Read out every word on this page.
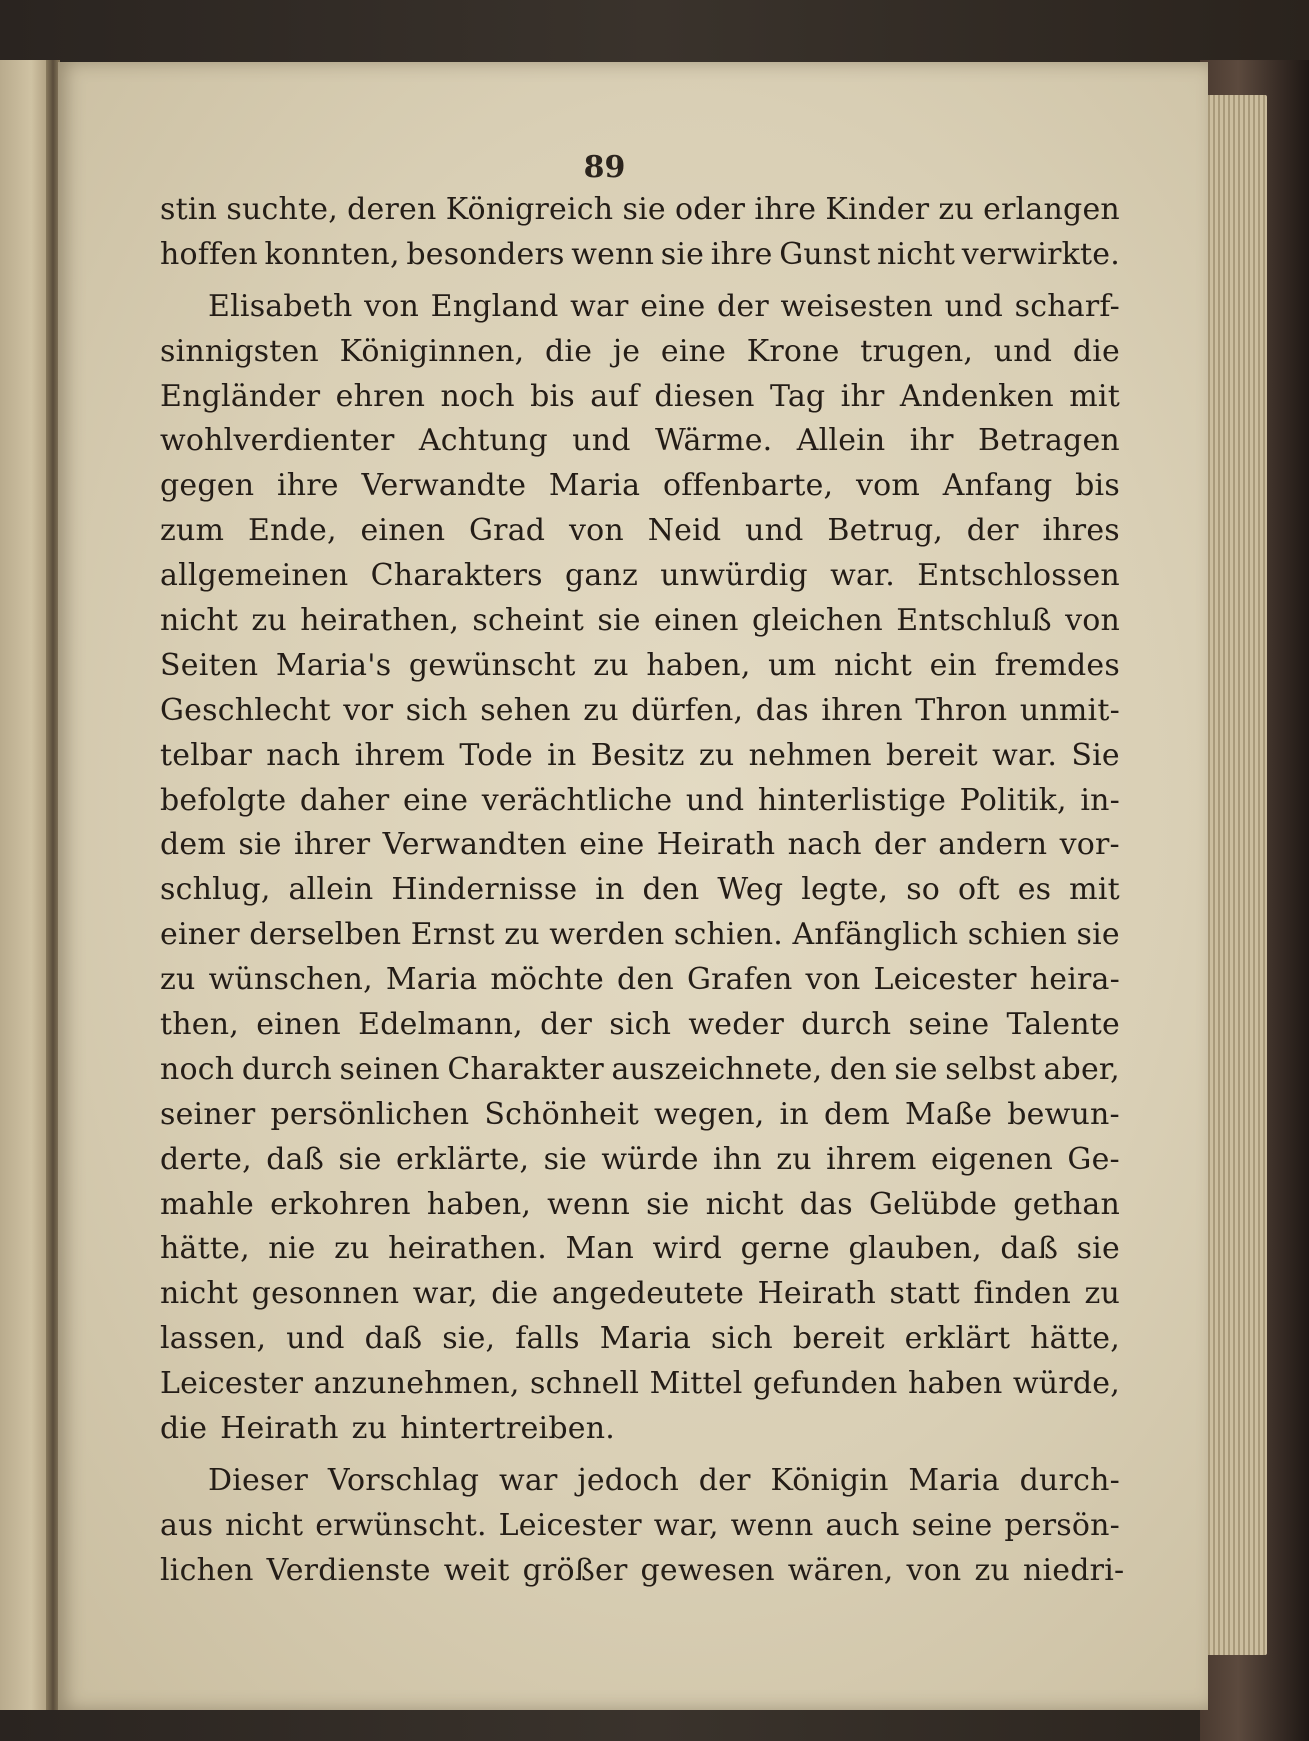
89
stin suchte, deren Königreich sie oder ihre Kinder zu erlangen
hoffen konnten, besonders wenn sie ihre Gunst nicht verwirkte.
Elisabeth von England war eine der weisesten und scharf-
sinnigsten Königinnen, die je eine Krone trugen, und die
Engländer ehren noch bis auf diesen Tag ihr Andenken mit
wohlverdienter Achtung und Wärme. Allein ihr Betragen
gegen ihre Verwandte Maria offenbarte, vom Anfang bis
zum Ende, einen Grad von Neid und Betrug, der ihres
allgemeinen Charakters ganz unwürdig war. Entschlossen
nicht zu heirathen, scheint sie einen gleichen Entschluß von
Seiten Maria's gewünscht zu haben, um nicht ein fremdes
Geschlecht vor sich sehen zu dürfen, das ihren Thron unmit-
telbar nach ihrem Tode in Besitz zu nehmen bereit war. Sie
befolgte daher eine verächtliche und hinterlistige Politik, in-
dem sie ihrer Verwandten eine Heirath nach der andern vor-
schlug, allein Hindernisse in den Weg legte, so oft es mit
einer derselben Ernst zu werden schien. Anfänglich schien sie
zu wünschen, Maria möchte den Grafen von Leicester heira-
then, einen Edelmann, der sich weder durch seine Talente
noch durch seinen Charakter auszeichnete, den sie selbst aber,
seiner persönlichen Schönheit wegen, in dem Maße bewun-
derte, daß sie erklärte, sie würde ihn zu ihrem eigenen Ge-
mahle erkohren haben, wenn sie nicht das Gelübde gethan
hätte, nie zu heirathen. Man wird gerne glauben, daß sie
nicht gesonnen war, die angedeutete Heirath statt finden zu
lassen, und daß sie, falls Maria sich bereit erklärt hätte,
Leicester anzunehmen, schnell Mittel gefunden haben würde,
die Heirath zu hintertreiben.
Dieser Vorschlag war jedoch der Königin Maria durch-
aus nicht erwünscht. Leicester war, wenn auch seine persön-
lichen Verdienste weit größer gewesen wären, von zu niedri-
